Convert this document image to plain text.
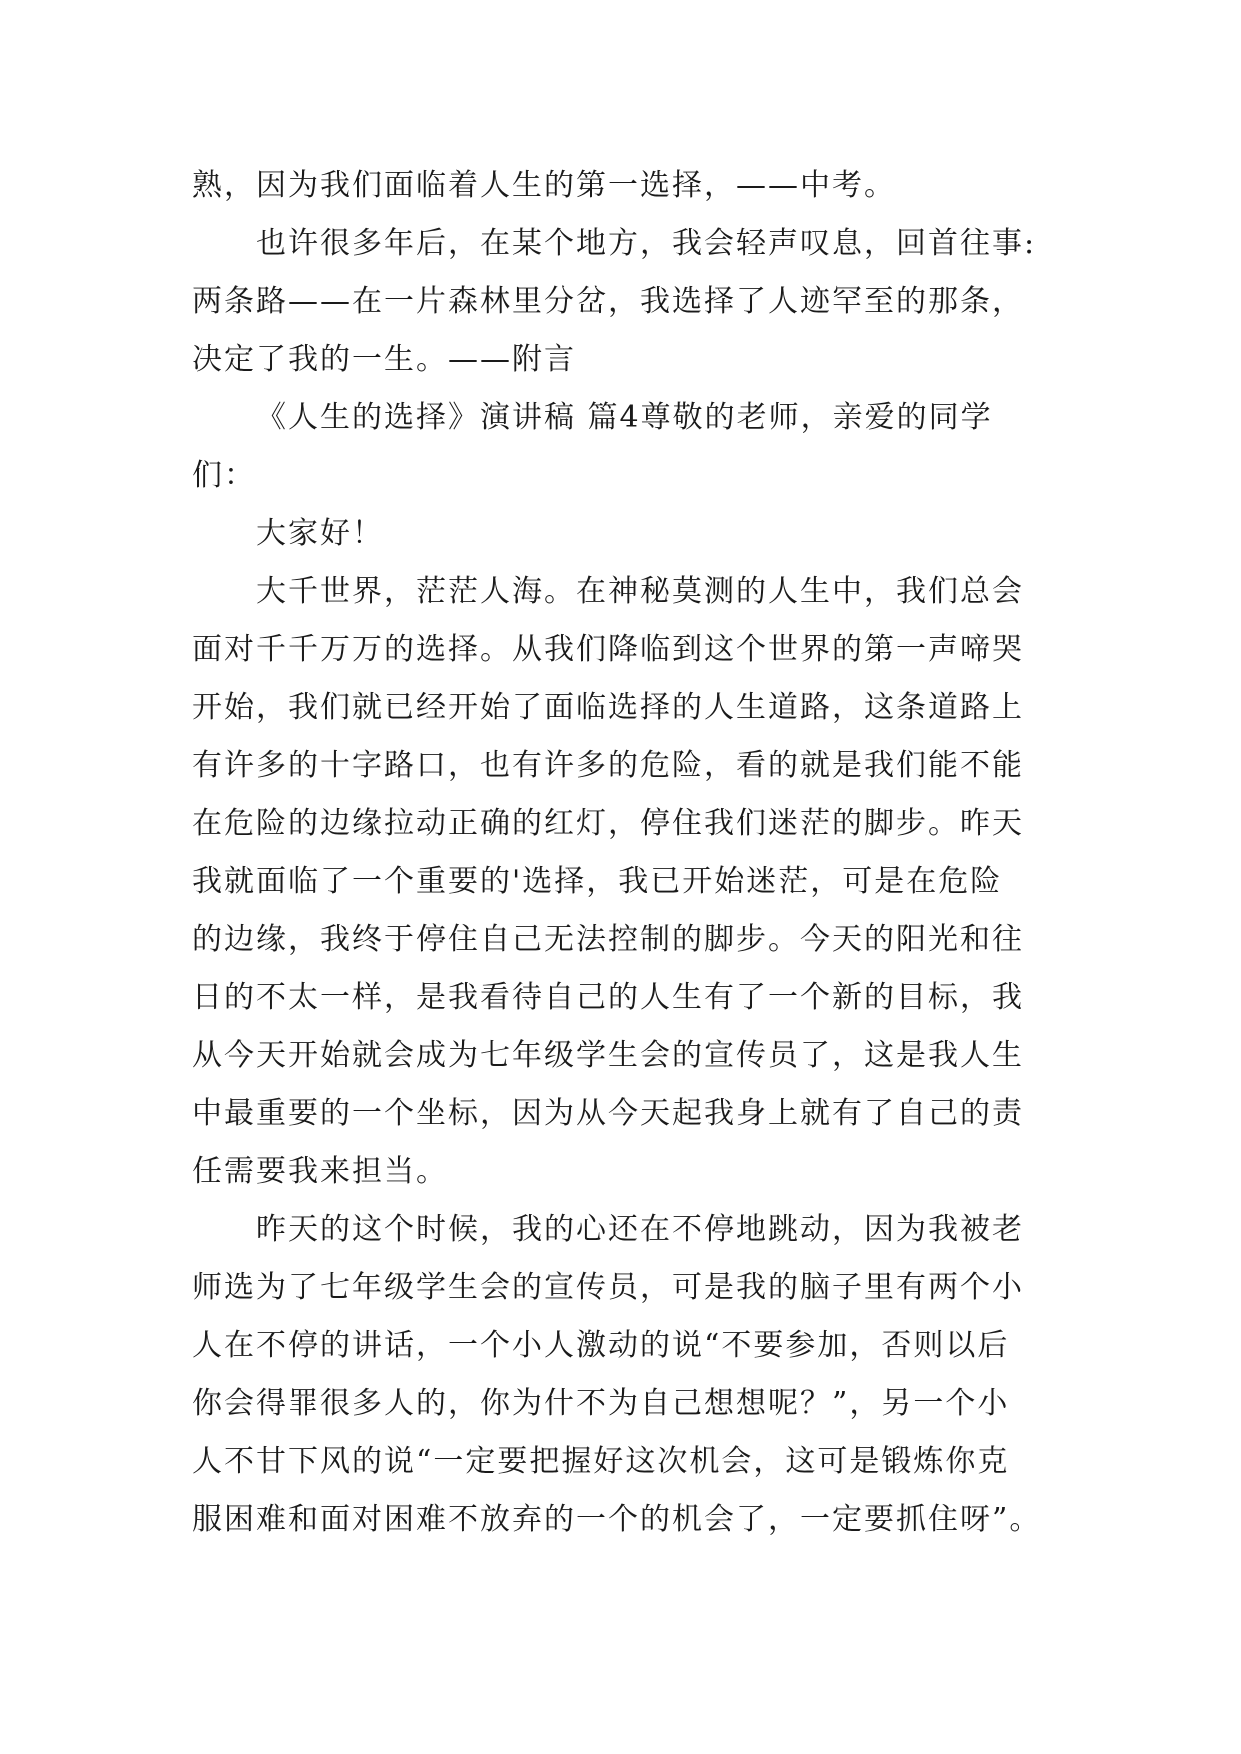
熟，因为我们面临着人生的第一选择，——中考。
也许很多年后，在某个地方，我会轻声叹息，回首往事:
两条路——在一片森林里分岔，我选择了人迹罕至的那条，
决定了我的一生。——附言
《人生的选择》演讲稿 篇4尊敬的老师，亲爱的同学
们：
大家好！
大千世界，茫茫人海。在神秘莫测的人生中，我们总会
面对千千万万的选择。从我们降临到这个世界的第一声啼哭
开始，我们就已经开始了面临选择的人生道路，这条道路上
有许多的十字路口，也有许多的危险，看的就是我们能不能
在危险的边缘拉动正确的红灯，停住我们迷茫的脚步。昨天
我就面临了一个重要的'选择，我已开始迷茫，可是在危险
的边缘，我终于停住自己无法控制的脚步。今天的阳光和往
日的不太一样，是我看待自己的人生有了一个新的目标，我
从今天开始就会成为七年级学生会的宣传员了，这是我人生
中最重要的一个坐标，因为从今天起我身上就有了自己的责
任需要我来担当。
昨天的这个时候，我的心还在不停地跳动，因为我被老
师选为了七年级学生会的宣传员，可是我的脑子里有两个小
人在不停的讲话，一个小人激动的说“不要参加，否则以后
你会得罪很多人的，你为什不为自己想想呢？”，另一个小
人不甘下风的说“一定要把握好这次机会，这可是锻炼你克
服困难和面对困难不放弃的一个的机会了，一定要抓住呀”。
